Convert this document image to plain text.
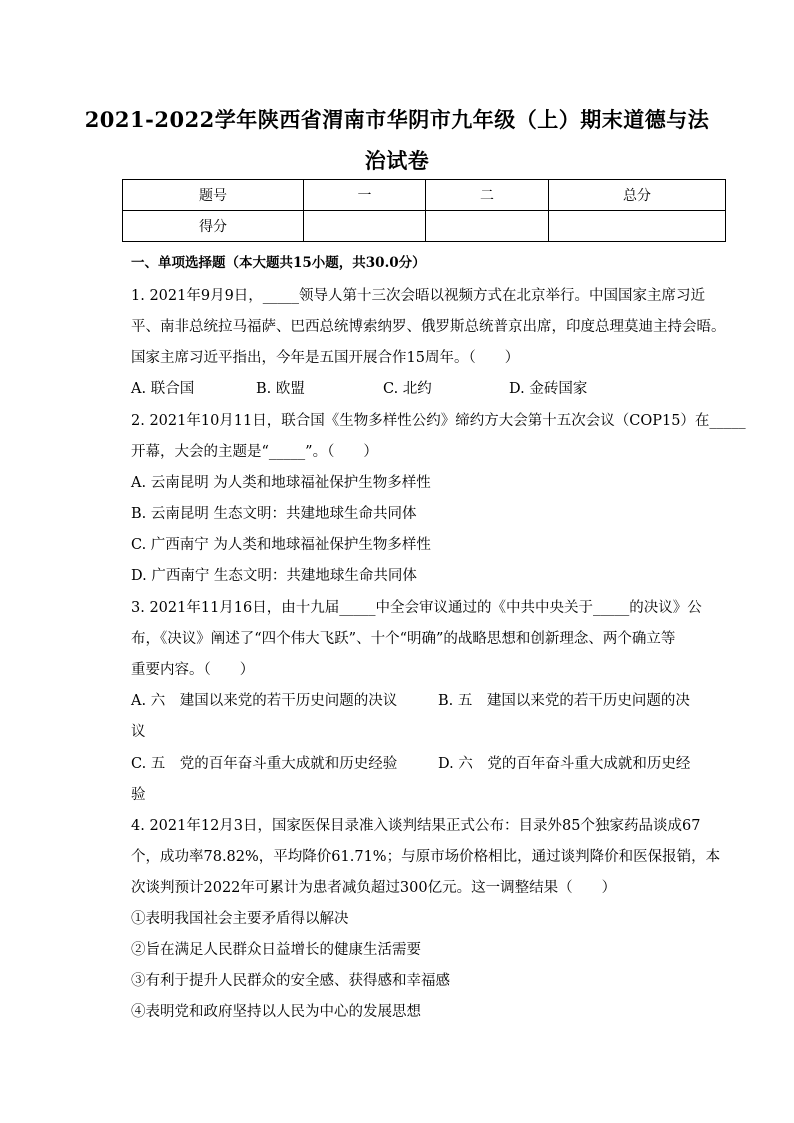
2021-2022学年陕西省渭南市华阴市九年级（上）期末道德与法
治试卷
题号	一	二	总分
得分			
一、单项选择题（本大题共15小题，共30.0分）
1. 2021年9月9日，_____领导人第十三次会晤以视频方式在北京举行。中国国家主席习近
平、南非总统拉马福萨、巴西总统博索纳罗、俄罗斯总统普京出席，印度总理莫迪主持会晤。
国家主席习近平指出，今年是五国开展合作15周年。（　　）
A. 联合国	B. 欧盟	C. 北约	D. 金砖国家
2. 2021年10月11日，联合国《生物多样性公约》缔约方大会第十五次会议（COP15）在_____
开幕，大会的主题是“_____”。（　　）
A. 云南昆明 为人类和地球福祉保护生物多样性
B. 云南昆明 生态文明：共建地球生命共同体
C. 广西南宁 为人类和地球福祉保护生物多样性
D. 广西南宁 生态文明：共建地球生命共同体
3. 2021年11月16日，由十九届_____中全会审议通过的《中共中央关于_____的决议》公
布，《决议》阐述了“四个伟大飞跃”、十个“明确”的战略思想和创新理念、两个确立等
重要内容。（　　）
A. 六　建国以来党的若干历史问题的决议	B. 五　建国以来党的若干历史问题的决
议
C. 五　党的百年奋斗重大成就和历史经验	D. 六　党的百年奋斗重大成就和历史经
验
4. 2021年12月3日，国家医保目录准入谈判结果正式公布：目录外85个独家药品谈成67
个，成功率78.82%，平均降价61.71%；与原市场价格相比，通过谈判降价和医保报销，本
次谈判预计2022年可累计为患者减负超过300亿元。这一调整结果（　　）
①表明我国社会主要矛盾得以解决
②旨在满足人民群众日益增长的健康生活需要
③有利于提升人民群众的安全感、获得感和幸福感
④表明党和政府坚持以人民为中心的发展思想
